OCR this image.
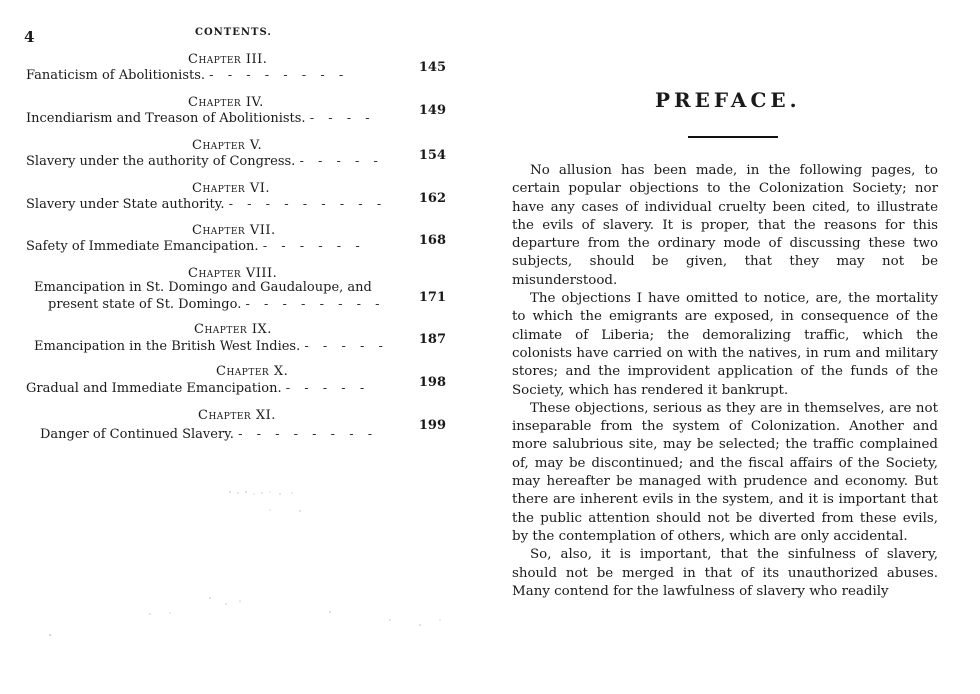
4	CONTENTS.
Chapter III.
Fanaticism of Abolitionists. - - - - - - - -
145
Chapter IV.
Incendiarism and Treason of Abolitionists. - - - -
149
Chapter V.
Slavery under the authority of Congress. - - - - -	154
Chapter VI.
Slavery under State authority. - - - - - - - - -	162
Chapter VII.
Safety of Immediate Emancipation. - - - - - -	168
Chapter VIII.
Emancipation in St. Domingo and Gaudaloupe, and
present state of St. Domingo. - - - - - - - -	171
Chapter IX.
Emancipation in the British West Indies. - - - - - 187
Chapter X.
Gradual and Immediate Emancipation. - - - - -	198
Chapter XI.
Danger of Continued Slavery. - - - - - - - -
199
PREFACE.

No allusion has been made, in the following pages, to certain popular objections to the Colonization Society; nor have any cases of individual cruelty been cited, to illustrate the evils of slavery. It is proper, that the reasons for this departure from the ordinary mode of discussing these two subjects, should be given, that they may not be misunderstood.

The objections I have omitted to notice, are, the mortality to which the emigrants are exposed, in consequence of the climate of Liberia; the demoralizing traffic, which the colonists have carried on with the natives, in rum and military stores; and the improvident application of the funds of the Society, which has rendered it bankrupt.

These objections, serious as they are in themselves, are not inseparable from the system of Colonization. Another and more salubrious site, may be selected; the traffic complained of, may be discontinued; and the fiscal affairs of the Society, may hereafter be managed with prudence and economy. But there are inherent evils in the system, and it is important that the public attention should not be diverted from these evils, by the contemplation of others, which are only accidental.

So, also, it is important, that the sinfulness of slavery, should not be merged in that of its unauthorized abuses. Many contend for the lawfulness of slavery who readily
